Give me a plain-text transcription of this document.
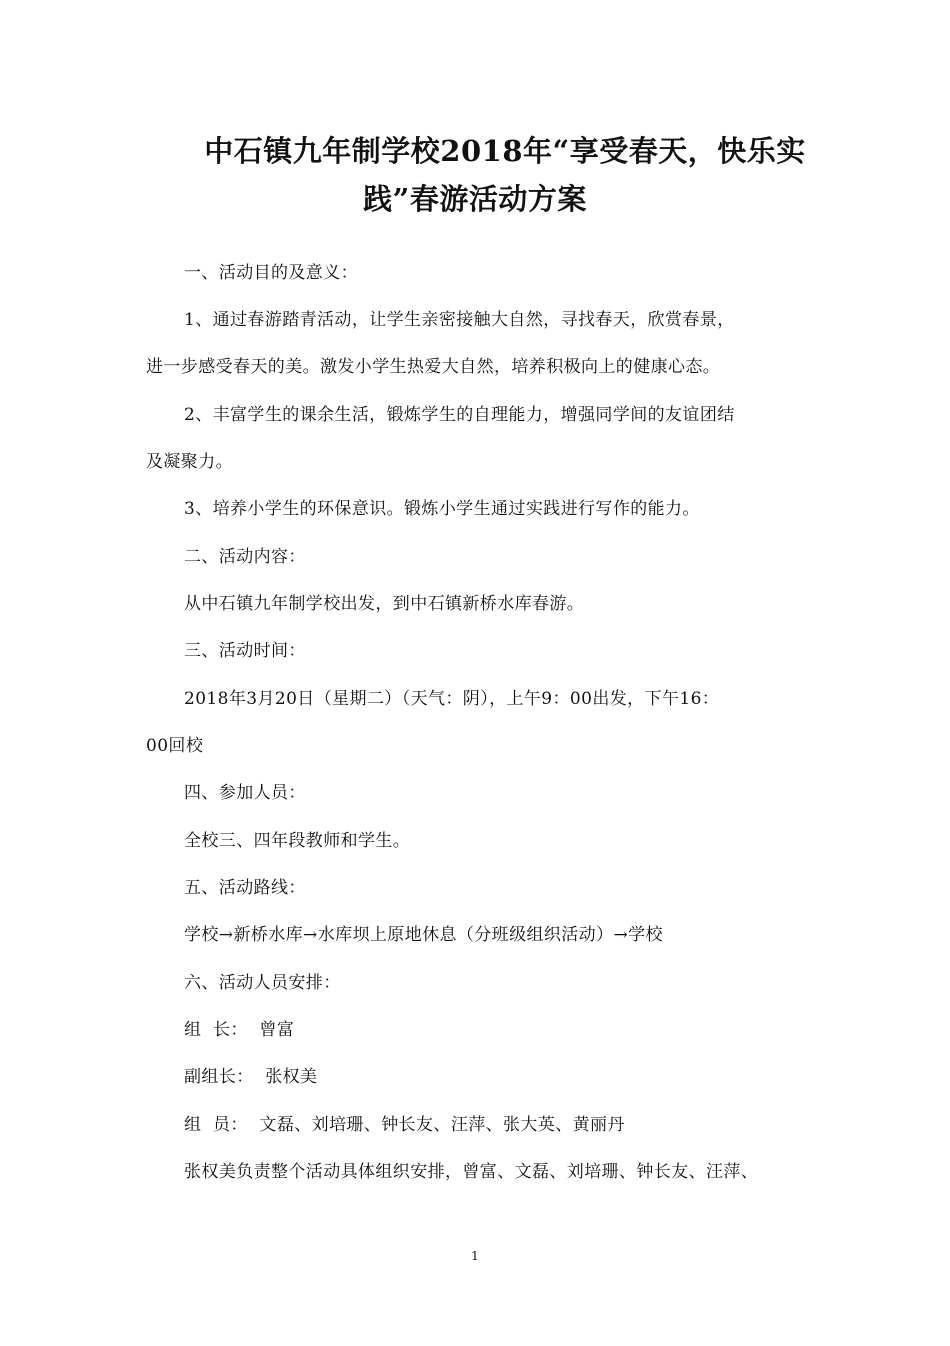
中石镇九年制学校2018年“享受春天，快乐实
践”春游活动方案
一、活动目的及意义：
1、通过春游踏青活动，让学生亲密接触大自然，寻找春天，欣赏春景，
进一步感受春天的美。激发小学生热爱大自然，培养积极向上的健康心态。
2、丰富学生的课余生活，锻炼学生的自理能力，增强同学间的友谊团结
及凝聚力。
3、培养小学生的环保意识。锻炼小学生通过实践进行写作的能力。
二、活动内容：
从中石镇九年制学校出发，到中石镇新桥水库春游。
三、活动时间：
2018年3月20日（星期二）（天气：阴），上午9：00出发，下午16：
00回校
四、参加人员：
全校三、四年段教师和学生。
五、活动路线：
学校→新桥水库→水库坝上原地休息（分班级组织活动）→学校
六、活动人员安排：
组  长：  曾富
副组长：  张权美
组  员：  文磊、刘培珊、钟长友、汪萍、张大英、黄丽丹
张权美负责整个活动具体组织安排，曾富、文磊、刘培珊、钟长友、汪萍、
1
